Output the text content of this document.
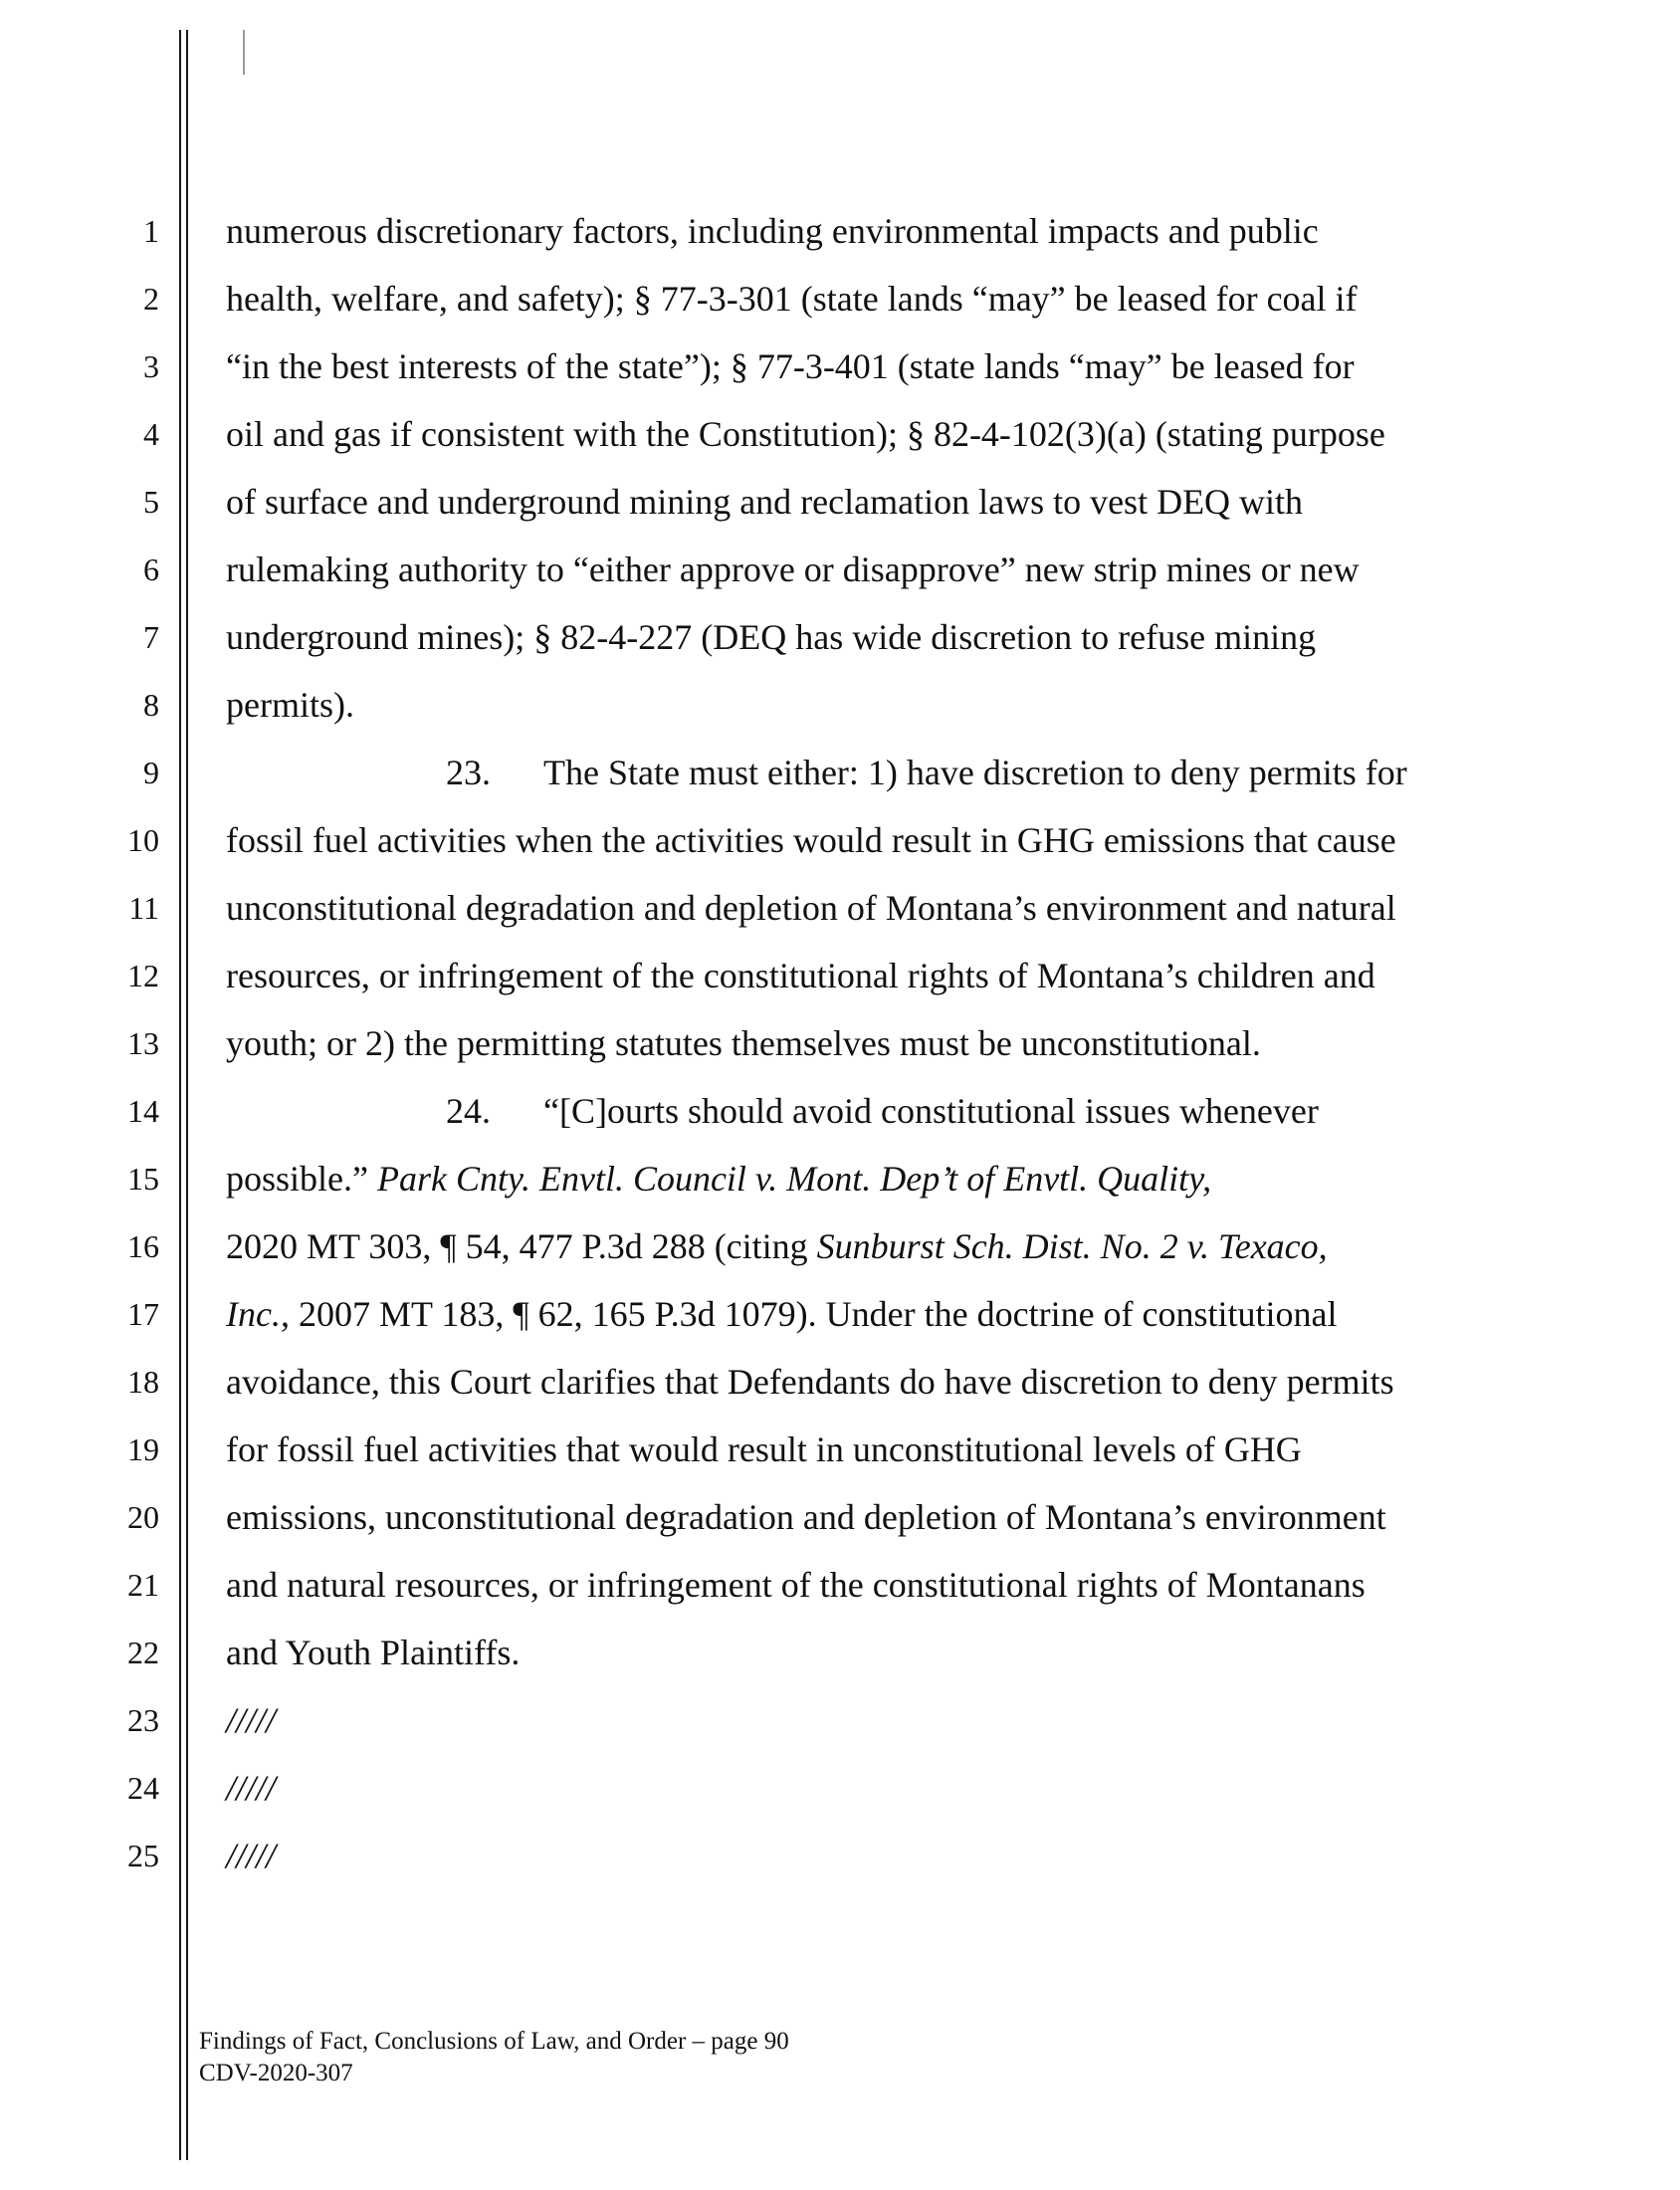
1
2
3
4
5
6
7
8
9
10
11
12
13
14
15
16
17
18
19
20
21
22
23
24
25
numerous discretionary factors, including environmental impacts and public
health, welfare, and safety); § 77-3-301 (state lands “may” be leased for coal if
“in the best interests of the state”); § 77-3-401 (state lands “may” be leased for
oil and gas if consistent with the Constitution); § 82-4-102(3)(a) (stating purpose
of surface and underground mining and reclamation laws to vest DEQ with
rulemaking authority to “either approve or disapprove” new strip mines or new
underground mines); § 82-4-227 (DEQ has wide discretion to refuse mining
permits).
23. The State must either: 1) have discretion to deny permits for
fossil fuel activities when the activities would result in GHG emissions that cause
unconstitutional degradation and depletion of Montana’s environment and natural
resources, or infringement of the constitutional rights of Montana’s children and
youth; or 2) the permitting statutes themselves must be unconstitutional.
24. “[C]ourts should avoid constitutional issues whenever
possible.” Park Cnty. Envtl. Council v. Mont. Dep’t of Envtl. Quality,
2020 MT 303, ¶ 54, 477 P.3d 288 (citing Sunburst Sch. Dist. No. 2 v. Texaco,
Inc., 2007 MT 183, ¶ 62, 165 P.3d 1079). Under the doctrine of constitutional
avoidance, this Court clarifies that Defendants do have discretion to deny permits
for fossil fuel activities that would result in unconstitutional levels of GHG
emissions, unconstitutional degradation and depletion of Montana’s environment
and natural resources, or infringement of the constitutional rights of Montanans
and Youth Plaintiffs.
/////
/////
/////
Findings of Fact, Conclusions of Law, and Order – page 90
CDV-2020-307
